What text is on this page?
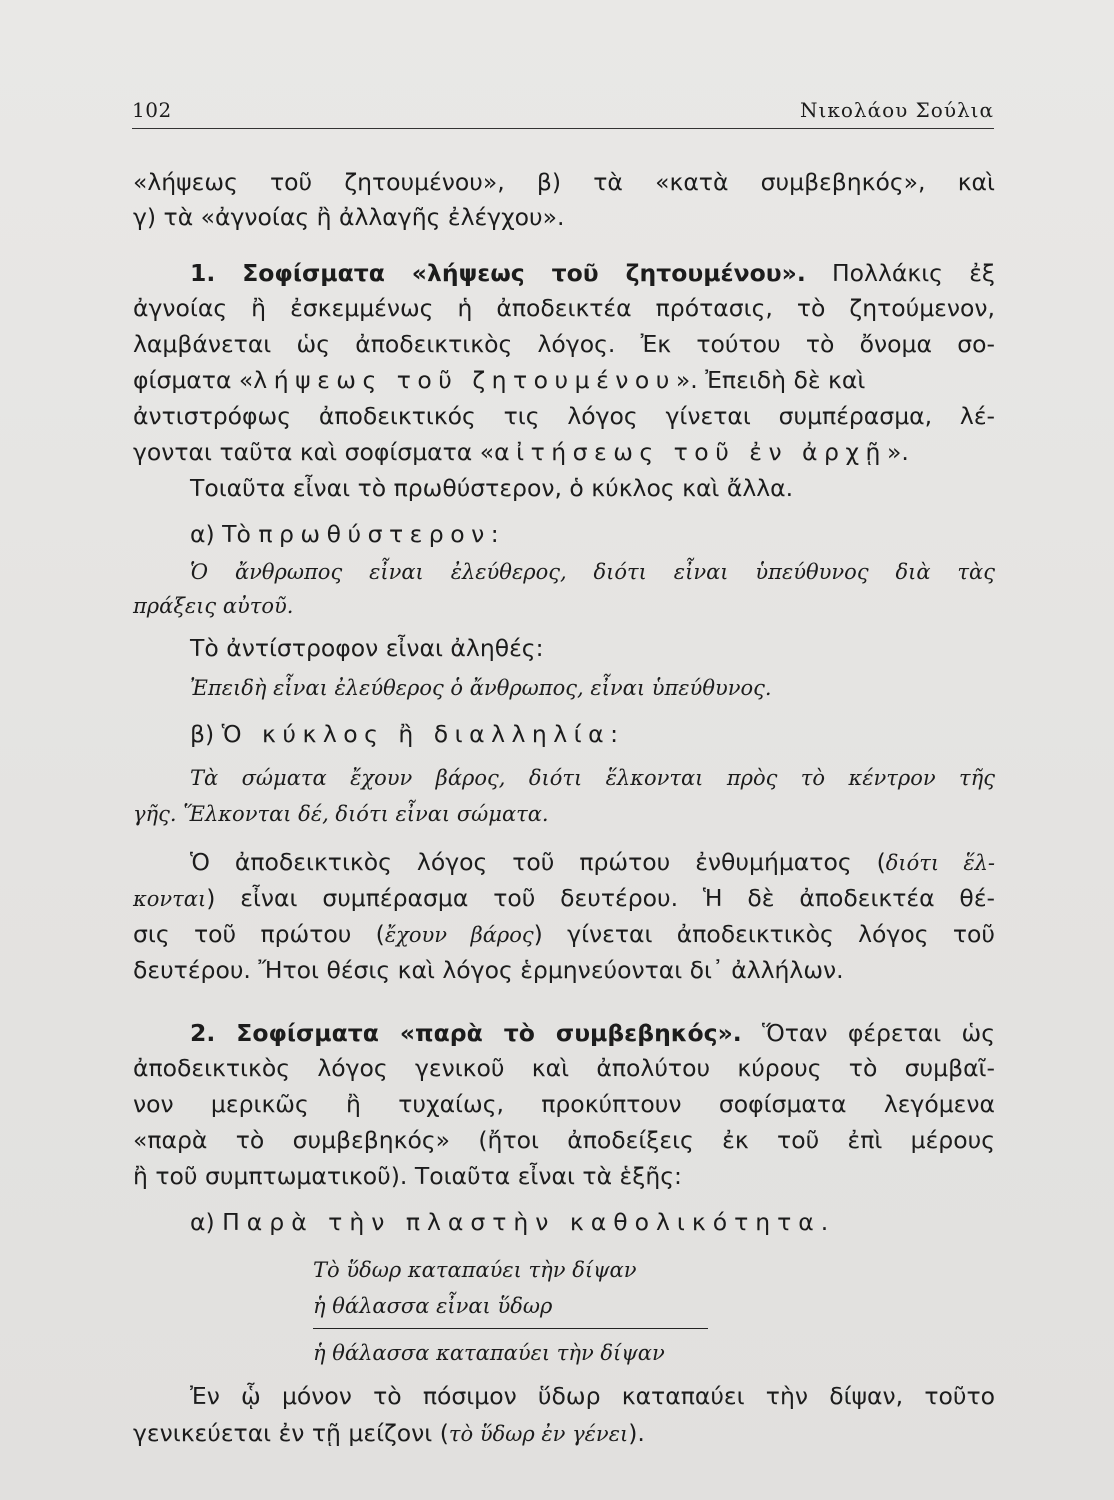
102	Νικολάου Σούλια
«λήψεως τοῦ ζητουμένου», β) τὰ «κατὰ συμβεβηκός», καὶ
γ) τὰ «ἀγνοίας ἢ ἀλλαγῆς ἐλέγχου».
1. Σοφίσματα «λήψεως τοῦ ζητουμένου». Πολλάκις ἐξ
ἀγνοίας ἢ ἐσκεμμένως ἡ ἀποδεικτέα πρότασις, τὸ ζητούμενον,
λαμβάνεται ὡς ἀποδεικτικὸς λόγος. Ἐκ τούτου τὸ ὄνομα σο-
φίσματα «λήψεως τοῦ ζητουμένου». Ἐπειδὴ δὲ καὶ
ἀντιστρόφως ἀποδεικτικός τις λόγος γίνεται συμπέρασμα, λέ-
γονται ταῦτα καὶ σοφίσματα «αἰτήσεως τοῦ ἐν ἀρχῇ».
Τοιαῦτα εἶναι τὸ πρωθύστερον, ὁ κύκλος καὶ ἄλλα.
α) Τὸ πρωθύστερον:
Ὁ ἄνθρωπος εἶναι ἐλεύθερος, διότι εἶναι ὑπεύθυνος διὰ τὰς
πράξεις αὐτοῦ.
Τὸ ἀντίστροφον εἶναι ἀληθές:
Ἐπειδὴ εἶναι ἐλεύθερος ὁ ἄνθρωπος, εἶναι ὑπεύθυνος.
β) Ὁ κύκλος ἢ διαλληλία:
Τὰ σώματα ἔχουν βάρος, διότι ἕλκονται πρὸς τὸ κέντρον τῆς
γῆς. Ἕλκονται δέ, διότι εἶναι σώματα.
Ὁ ἀποδεικτικὸς λόγος τοῦ πρώτου ἐνθυμήματος (διότι ἕλ-
κονται) εἶναι συμπέρασμα τοῦ δευτέρου. Ἡ δὲ ἀποδεικτέα θέ-
σις τοῦ πρώτου (ἔχουν βάρος) γίνεται ἀποδεικτικὸς λόγος τοῦ
δευτέρου. Ἤτοι θέσις καὶ λόγος ἑρμηνεύονται δι᾽ ἀλλήλων.
2. Σοφίσματα «παρὰ τὸ συμβεβηκός». Ὅταν φέρεται ὡς
ἀποδεικτικὸς λόγος γενικοῦ καὶ ἀπολύτου κύρους τὸ συμβαῖ-
νον μερικῶς ἢ τυχαίως, προκύπτουν σοφίσματα λεγόμενα
«παρὰ τὸ συμβεβηκός» (ἤτοι ἀποδείξεις ἐκ τοῦ ἐπὶ μέρους
ἢ τοῦ συμπτωματικοῦ). Τοιαῦτα εἶναι τὰ ἑξῆς:
α) Παρὰ τὴν πλαστὴν καθολικότητα.
Τὸ ὕδωρ καταπαύει τὴν δίψαν
ἡ θάλασσα εἶναι ὕδωρ
ἡ θάλασσα καταπαύει τὴν δίψαν
Ἐν ᾧ μόνον τὸ πόσιμον ὕδωρ καταπαύει τὴν δίψαν, τοῦτο
γενικεύεται ἐν τῇ μείζονι (τὸ ὕδωρ ἐν γένει).
